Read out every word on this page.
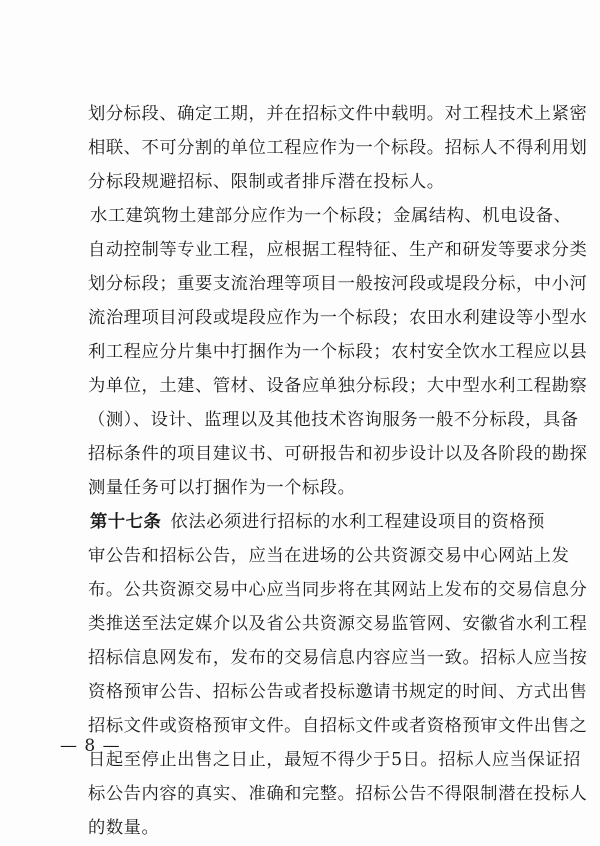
划分标段、确定工期，并在招标文件中载明。对工程技术上紧密
相联、不可分割的单位工程应作为一个标段。招标人不得利用划
分标段规避招标、限制或者排斥潜在投标人。
水工建筑物土建部分应作为一个标段；金属结构、机电设备、
自动控制等专业工程，应根据工程特征、生产和研发等要求分类
划分标段；重要支流治理等项目一般按河段或堤段分标，中小河
流治理项目河段或堤段应作为一个标段；农田水利建设等小型水
利工程应分片集中打捆作为一个标段；农村安全饮水工程应以县
为单位，土建、管材、设备应单独分标段；大中型水利工程勘察
（测）、设计、监理以及其他技术咨询服务一般不分标段，具备
招标条件的项目建议书、可研报告和初步设计以及各阶段的勘探
测量任务可以打捆作为一个标段。
第十七条  依法必须进行招标的水利工程建设项目的资格预
审公告和招标公告，应当在进场的公共资源交易中心网站上发
布。公共资源交易中心应当同步将在其网站上发布的交易信息分
类推送至法定媒介以及省公共资源交易监管网、安徽省水利工程
招标信息网发布，发布的交易信息内容应当一致。招标人应当按
资格预审公告、招标公告或者投标邀请书规定的时间、方式出售
招标文件或资格预审文件。自招标文件或者资格预审文件出售之
日起至停止出售之日止，最短不得少于5日。招标人应当保证招
标公告内容的真实、准确和完整。招标公告不得限制潜在投标人
的数量。
— 8 —
